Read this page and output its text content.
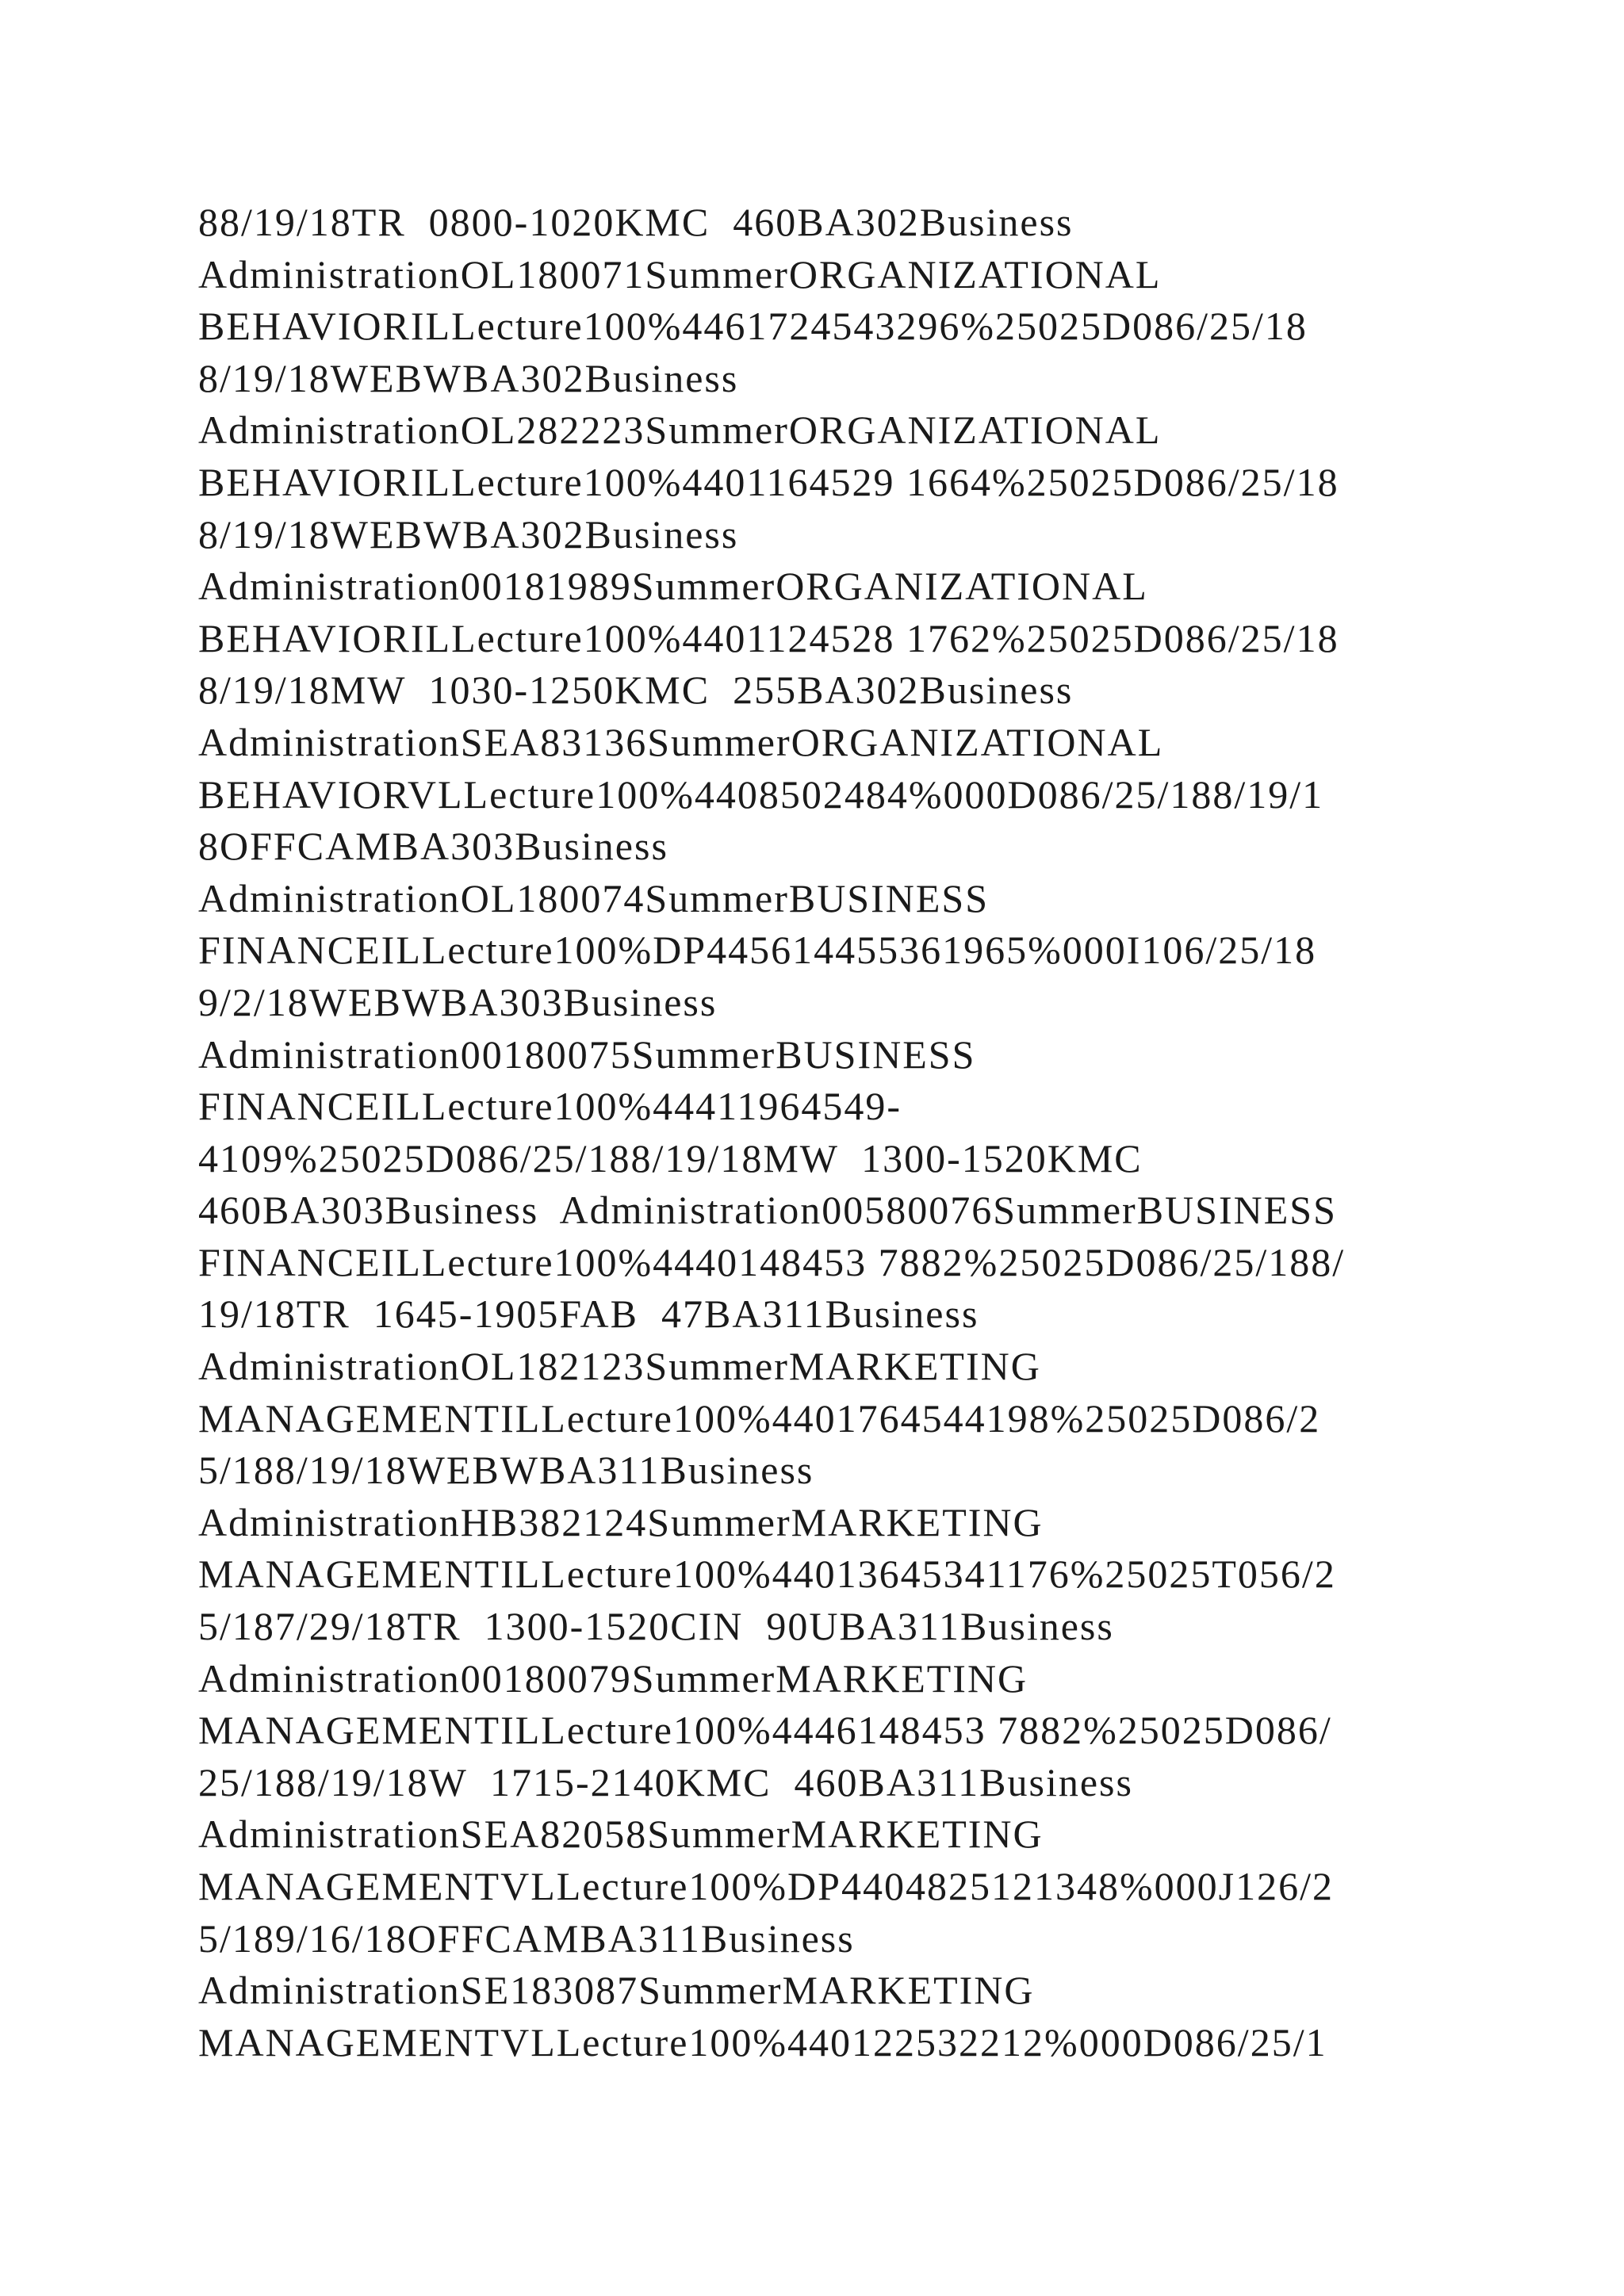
88/19/18TR  0800-1020KMC  460BA302Business
AdministrationOL180071SummerORGANIZATIONAL
BEHAVIORILLecture100%4461724543296%25025D086/25/18
8/19/18WEBWBA302Business
AdministrationOL282223SummerORGANIZATIONAL
BEHAVIORILLecture100%4401164529 1664%25025D086/25/18
8/19/18WEBWBA302Business
Administration00181989SummerORGANIZATIONAL
BEHAVIORILLecture100%4401124528 1762%25025D086/25/18
8/19/18MW  1030-1250KMC  255BA302Business
AdministrationSEA83136SummerORGANIZATIONAL
BEHAVIORVLLecture100%4408502484%000D086/25/188/19/1
8OFFCAMBA303Business
AdministrationOL180074SummerBUSINESS
FINANCEILLecture100%DP445614455361965%000I106/25/18
9/2/18WEBWBA303Business
Administration00180075SummerBUSINESS
FINANCEILLecture100%44411964549-
4109%25025D086/25/188/19/18MW  1300-1520KMC
460BA303Business  Administration00580076SummerBUSINESS
FINANCEILLecture100%4440148453 7882%25025D086/25/188/
19/18TR  1645-1905FAB  47BA311Business
AdministrationOL182123SummerMARKETING
MANAGEMENTILLecture100%4401764544198%25025D086/2
5/188/19/18WEBWBA311Business
AdministrationHB382124SummerMARKETING
MANAGEMENTILLecture100%44013645341176%25025T056/2
5/187/29/18TR  1300-1520CIN  90UBA311Business
Administration00180079SummerMARKETING
MANAGEMENTILLecture100%4446148453 7882%25025D086/
25/188/19/18W  1715-2140KMC  460BA311Business
AdministrationSEA82058SummerMARKETING
MANAGEMENTVLLecture100%DP4404825121348%000J126/2
5/189/16/18OFFCAMBA311Business
AdministrationSE183087SummerMARKETING
MANAGEMENTVLLecture100%440122532212%000D086/25/1
